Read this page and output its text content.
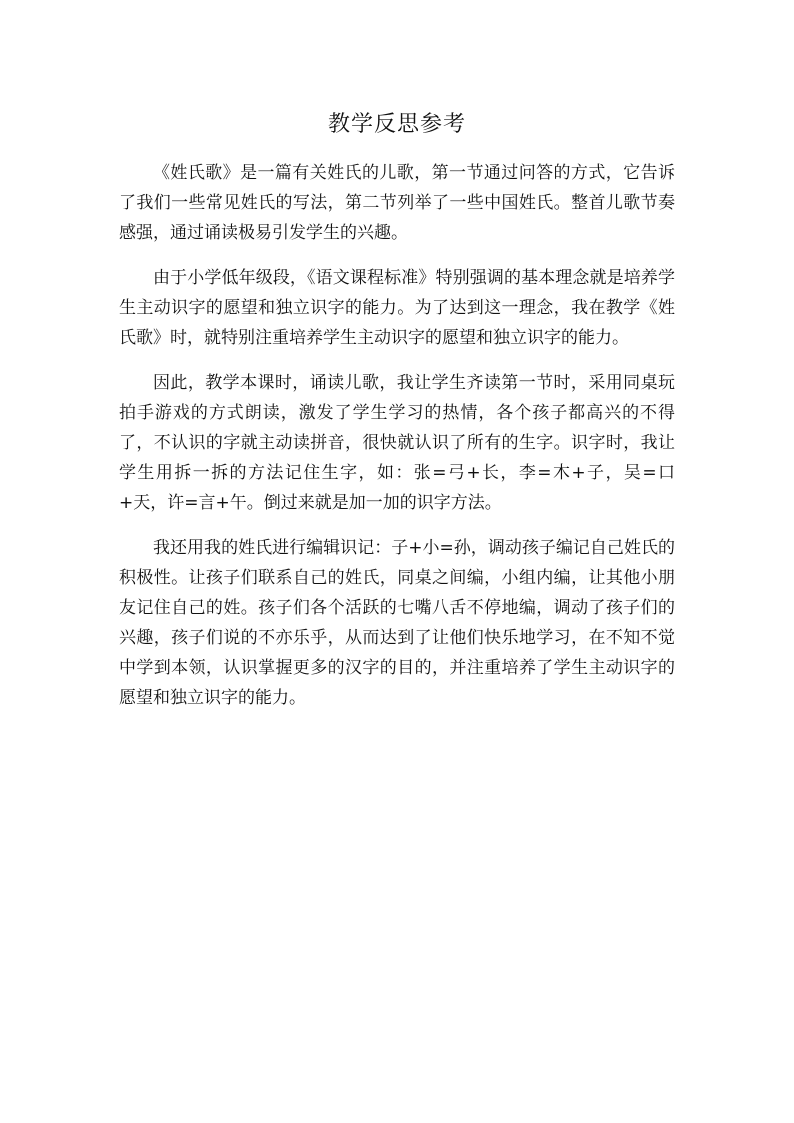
教学反思参考

《姓氏歌》是一篇有关姓氏的儿歌，第一节通过问答的方式，它告诉了我们一些常见姓氏的写法，第二节列举了一些中国姓氏。整首儿歌节奏感强，通过诵读极易引发学生的兴趣。

由于小学低年级段，《语文课程标准》特别强调的基本理念就是培养学生主动识字的愿望和独立识字的能力。为了达到这一理念，我在教学《姓氏歌》时，就特别注重培养学生主动识字的愿望和独立识字的能力。

因此，教学本课时，诵读儿歌，我让学生齐读第一节时，采用同桌玩拍手游戏的方式朗读，激发了学生学习的热情，各个孩子都高兴的不得了，不认识的字就主动读拼音，很快就认识了所有的生字。识字时，我让学生用拆一拆的方法记住生字，如：张=弓+长，李=木+子，吴=口+天，许=言+午。倒过来就是加一加的识字方法。

我还用我的姓氏进行编辑识记：子+小=孙，调动孩子编记自己姓氏的积极性。让孩子们联系自己的姓氏，同桌之间编，小组内编，让其他小朋友记住自己的姓。孩子们各个活跃的七嘴八舌不停地编，调动了孩子们的兴趣，孩子们说的不亦乐乎，从而达到了让他们快乐地学习，在不知不觉中学到本领，认识掌握更多的汉字的目的，并注重培养了学生主动识字的愿望和独立识字的能力。
